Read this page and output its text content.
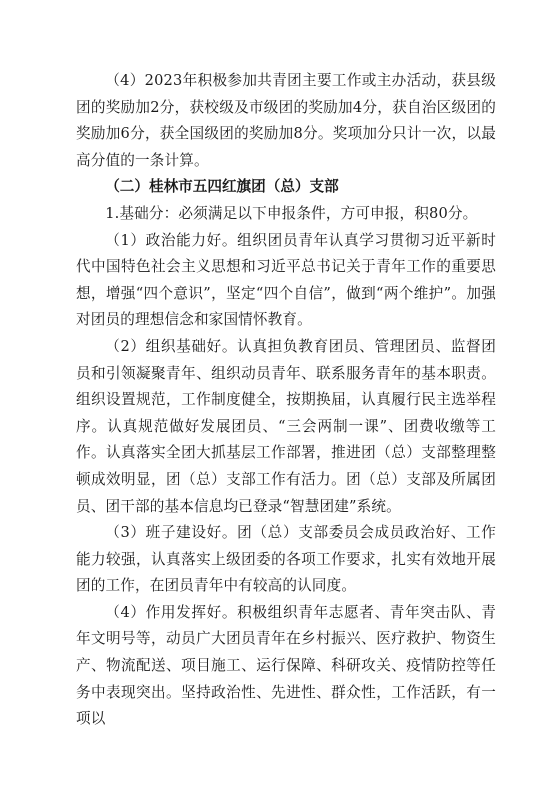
（4）2023年积极参加共青团主要工作或主办活动，获县级团的奖励加2分，获校级及市级团的奖励加4分，获自治区级团的奖励加6分，获全国级团的奖励加8分。奖项加分只计一次，以最高分值的一条计算。

（二）桂林市五四红旗团（总）支部

1.基础分：必须满足以下申报条件，方可申报，积80分。

（1）政治能力好。组织团员青年认真学习贯彻习近平新时代中国特色社会主义思想和习近平总书记关于青年工作的重要思想，增强“四个意识”，坚定“四个自信”，做到“两个维护”。加强对团员的理想信念和家国情怀教育。

（2）组织基础好。认真担负教育团员、管理团员、监督团员和引领凝聚青年、组织动员青年、联系服务青年的基本职责。组织设置规范，工作制度健全，按期换届，认真履行民主选举程序。认真规范做好发展团员、“三会两制一课”、团费收缴等工作。认真落实全团大抓基层工作部署，推进团（总）支部整理整顿成效明显，团（总）支部工作有活力。团（总）支部及所属团员、团干部的基本信息均已登录“智慧团建”系统。

（3）班子建设好。团（总）支部委员会成员政治好、工作能力较强，认真落实上级团委的各项工作要求，扎实有效地开展团的工作，在团员青年中有较高的认同度。

（4）作用发挥好。积极组织青年志愿者、青年突击队、青年文明号等，动员广大团员青年在乡村振兴、医疗救护、物资生产、物流配送、项目施工、运行保障、科研攻关、疫情防控等任务中表现突出。坚持政治性、先进性、群众性，工作活跃，有一项以
